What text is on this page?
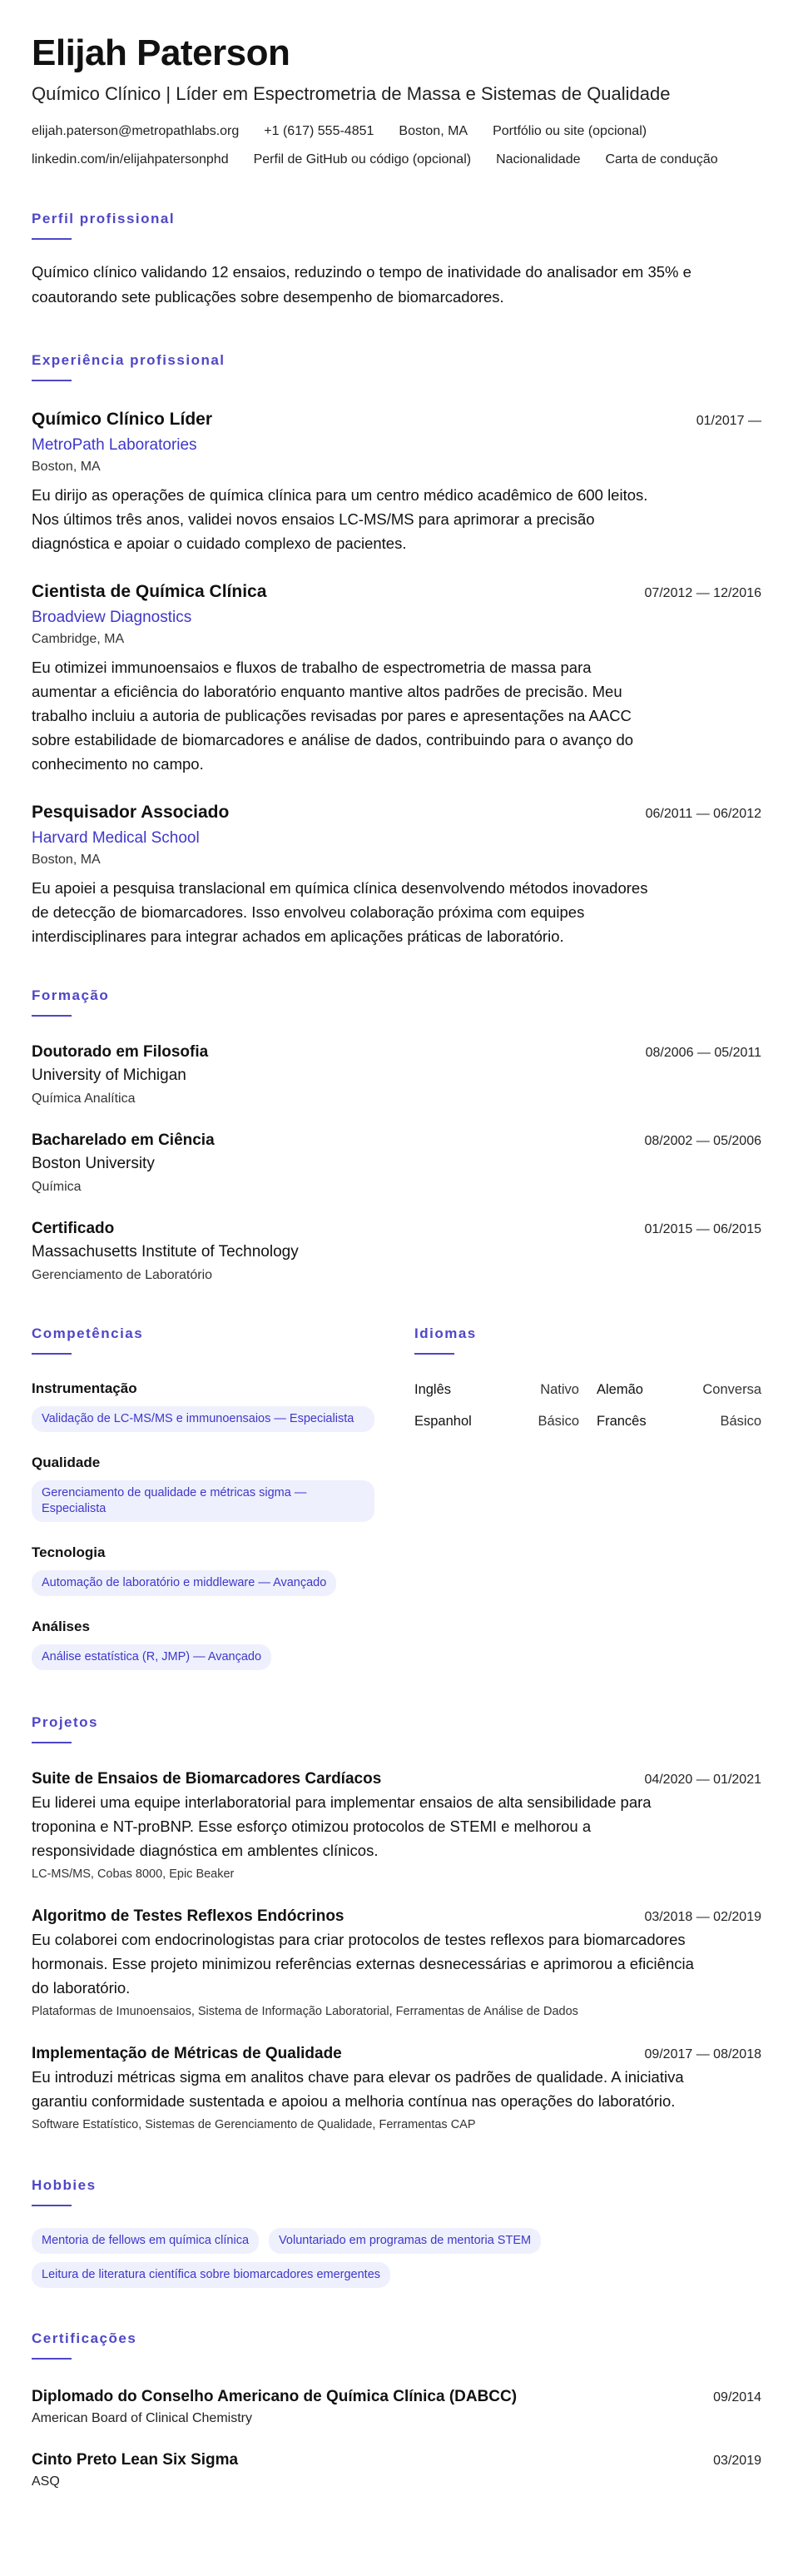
Elijah Paterson
Químico Clínico | Líder em Espectrometria de Massa e Sistemas de Qualidade
elijah.paterson@metropathlabs.org +1 (617) 555-4851 Boston, MA Portfólio ou site (opcional)
linkedin.com/in/elijahpatersonphd Perfil de GitHub ou código (opcional) Nacionalidade Carta de condução
Perfil profissional
Químico clínico validando 12 ensaios, reduzindo o tempo de inatividade do analisador em 35% e coautorando sete publicações sobre desempenho de biomarcadores.
Experiência profissional
Químico Clínico Líder	01/2017 —
MetroPath Laboratories
Boston, MA
Eu dirijo as operações de química clínica para um centro médico acadêmico de 600 leitos. Nos últimos três anos, validei novos ensaios LC-MS/MS para aprimorar a precisão diagnóstica e apoiar o cuidado complexo de pacientes.
Cientista de Química Clínica	07/2012 — 12/2016
Broadview Diagnostics
Cambridge, MA
Eu otimizei immunoensaios e fluxos de trabalho de espectrometria de massa para aumentar a eficiência do laboratório enquanto mantive altos padrões de precisão. Meu trabalho incluiu a autoria de publicações revisadas por pares e apresentações na AACC sobre estabilidade de biomarcadores e análise de dados, contribuindo para o avanço do conhecimento no campo.
Pesquisador Associado	06/2011 — 06/2012
Harvard Medical School
Boston, MA
Eu apoiei a pesquisa translacional em química clínica desenvolvendo métodos inovadores de detecção de biomarcadores. Isso envolveu colaboração próxima com equipes interdisciplinares para integrar achados em aplicações práticas de laboratório.
Formação
Doutorado em Filosofia	08/2006 — 05/2011
University of Michigan
Química Analítica
Bacharelado em Ciência	08/2002 — 05/2006
Boston University
Química
Certificado	01/2015 — 06/2015
Massachusetts Institute of Technology
Gerenciamento de Laboratório
Competências
Instrumentação
Validação de LC-MS/MS e immunoensaios — Especialista
Qualidade
Gerenciamento de qualidade e métricas sigma — Especialista
Tecnologia
Automação de laboratório e middleware — Avançado
Análises
Análise estatística (R, JMP) — Avançado
Idiomas
Inglês	Nativo Alemão	Conversa
Espanhol	Básico Francês	Básico
Projetos
Suite de Ensaios de Biomarcadores Cardíacos	04/2020 — 01/2021
Eu liderei uma equipe interlaboratorial para implementar ensaios de alta sensibilidade para troponina e NT-proBNP. Esse esforço otimizou protocolos de STEMI e melhorou a responsividade diagnóstica em amblentes clínicos.
LC-MS/MS, Cobas 8000, Epic Beaker
Algoritmo de Testes Reflexos Endócrinos	03/2018 — 02/2019
Eu colaborei com endocrinologistas para criar protocolos de testes reflexos para biomarcadores hormonais. Esse projeto minimizou referências externas desnecessárias e aprimorou a eficiência do laboratório.
Plataformas de Imunoensaios, Sistema de Informação Laboratorial, Ferramentas de Análise de Dados
Implementação de Métricas de Qualidade	09/2017 — 08/2018
Eu introduzi métricas sigma em analitos chave para elevar os padrões de qualidade. A iniciativa garantiu conformidade sustentada e apoiou a melhoria contínua nas operações do laboratório.
Software Estatístico, Sistemas de Gerenciamento de Qualidade, Ferramentas CAP
Hobbies
Mentoria de fellows em química clínica	Voluntariado em programas de mentoria STEM
Leitura de literatura científica sobre biomarcadores emergentes
Certificações
Diplomado do Conselho Americano de Química Clínica (DABCC)	09/2014
American Board of Clinical Chemistry
Cinto Preto Lean Six Sigma	03/2019
ASQ
